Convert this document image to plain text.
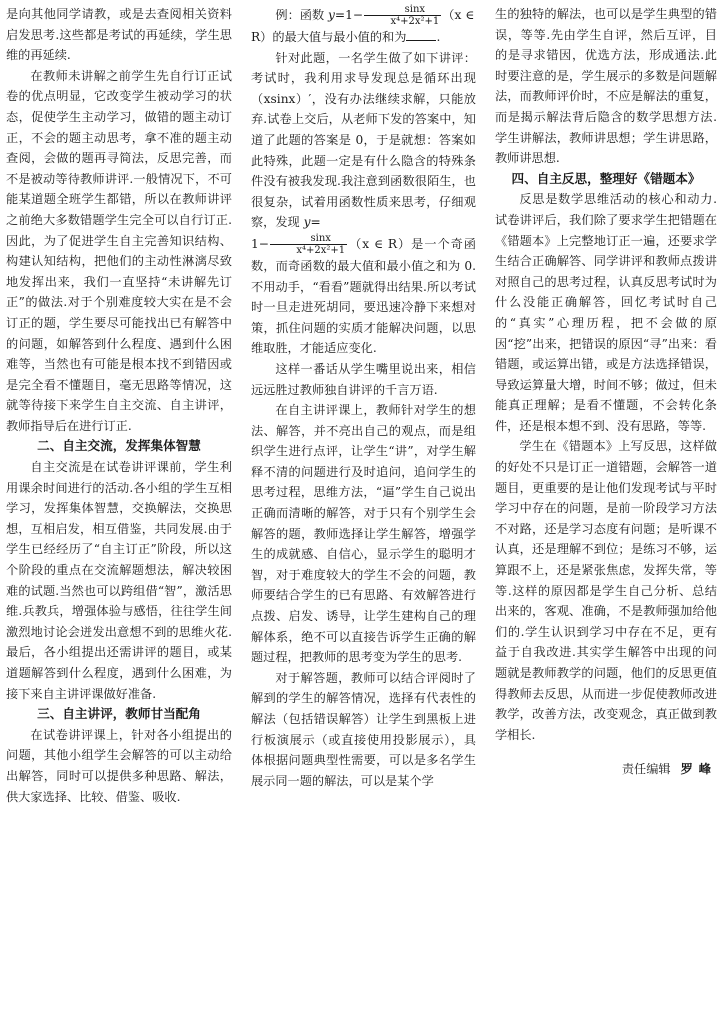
是向其他同学请教，或是去查阅相关资料启发思考.这些都是考试的再延续，学生思维的再延续.

在教师未讲解之前学生先自行订正试卷的优点明显，它改变学生被动学习的状态，促使学生主动学习，做错的题主动订正，不会的题主动思考，拿不准的题主动查阅，会做的题再寻简法，反思完善，而不是被动等待教师讲评.一般情况下，不可能某道题全班学生都错，所以在教师讲评之前绝大多数错题学生完全可以自行订正.因此，为了促进学生自主完善知识结构、构建认知结构，把他们的主动性淋漓尽致地发挥出来，我们一直坚持“未讲解先订正”的做法.对于个别难度较大实在是不会订正的题，学生要尽可能找出已有解答中的问题，如解答到什么程度、遇到什么困难等，当然也有可能是根本找不到错因或是完全看不懂题目，毫无思路等情况，这就等待接下来学生自主交流、自主讲评，教师指导后在进行订正.

二、自主交流，发挥集体智慧

自主交流是在试卷讲评课前，学生利用课余时间进行的活动.各小组的学生互相学习，发挥集体智慧，交换解法，交换思想，互相启发，相互借鉴，共同发展.由于学生已经经历了“自主订正”阶段，所以这个阶段的重点在交流解题想法，解决较困难的试题.当然也可以跨组借“智”，激活思维.兵教兵，增强体验与感悟，往往学生间激烈地讨论会迸发出意想不到的思维火花.最后，各小组提出还需讲评的题目，或某道题解答到什么程度，遇到什么困难，为接下来自主讲评课做好准备.

三、自主讲评，教师甘当配角

在试卷讲评课上，针对各小组提出的问题，其他小组学生会解答的可以主动给出解答，同时可以提供多种思路、解法，供大家选择、比较、借鉴、吸收.

例：函数 $y=1- \frac{\sin x}{\text{x⁴+2x²+1}} (x$ ∈
R）的最大值与最小值的和为 .

针对此题，一名学生做了如下讲评：考试时，我利用求导发现总是循环出现（xsinx）′，没有办法继续求解，只能放弃.试卷上交后，从老师下发的答案中，知道了此题的答案是 0，于是就想：答案如此特殊，此题一定是有什么隐含的特殊条件没有被我发现.我注意到函数很陌生，也很复杂，试着用函数性质来思考，仔细观察，发现 y=
$1- \frac{\sin x}{\text{x⁴+2x²+1}} (x$ ∈ R）是一个奇函数，而奇函数的最大值和最小值之和为 0.不用动手，“看看”题就得出结果.所以考试时一旦走进死胡同，要迅速冷静下来想对策，抓住问题的实质才能解决问题，以思维取胜，才能适应变化.

这样一番话从学生嘴里说出来，相信远远胜过教师独自讲评的千言万语.

在自主讲评课上，教师针对学生的想法、解答，并不亮出自己的观点，而是组织学生进行点评，让学生“讲”，对学生解释不清的问题进行及时追问，追问学生的思考过程，思维方法，“逼”学生自己说出正确而清晰的解答，对于只有个别学生会解答的题，教师选择让学生解答，增强学生的成就感、自信心，显示学生的聪明才智，对于难度较大的学生不会的问题，教师要结合学生的已有思路、有效解答进行点拨、启发、诱导，让学生建构自己的理解体系，绝不可以直接告诉学生正确的解题过程，把教师的思考变为学生的思考.

对于解答题，教师可以结合评阅时了解到的学生的解答情况，选择有代表性的解法（包括错误解答）让学生到黑板上进行板演展示（或直接使用投影展示），具体根据问题典型性需要，可以是多名学生展示同一题的解法，可以是某个学

生的独特的解法，也可以是学生典型的错误，等等.先由学生自评，然后互评，目的是寻求错因，优选方法，形成通法.此时要注意的是，学生展示的多数是问题解法，而教师评价时，不应是解法的重复，而是揭示解法背后隐含的数学思想方法.学生讲解法，教师讲思想；学生讲思路，教师讲思想.

四、自主反思，整理好《错题本》

反思是数学思维活动的核心和动力.试卷讲评后，我们除了要求学生把错题在《错题本》上完整地订正一遍，还要求学生结合正确解答、同学讲评和教师点拨讲对照自己的思考过程，认真反思考试时为什么没能正确解答，回忆考试时自己的“真实”心理历程，把不会做的原因“挖”出来，把错误的原因“寻”出来：看错题，或运算出错，或是方法选择错误，导致运算量大增，时间不够；做过，但未能真正理解；是看不懂题，不会转化条件，还是根本想不到、没有思路，等等.

学生在《错题本》上写反思，这样做的好处不只是订正一道错题，会解答一道题目，更重要的是让他们发现考试与平时学习中存在的问题，是前一阶段学习方法不对路，还是学习态度有问题；是听课不认真，还是理解不到位；是练习不够，运算跟不上，还是紧张焦虑，发挥失常，等等.这样的原因都是学生自己分析、总结出来的，客观、准确，不是教师强加给他们的.学生认识到学习中存在不足，更有益于自我改进.其实学生解答中出现的问题就是教师教学的问题，他们的反思更值得教师去反思，从而进一步促使教师改进教学，改善方法，改变观念，真正做到教学相长.

责任编辑 罗峰
